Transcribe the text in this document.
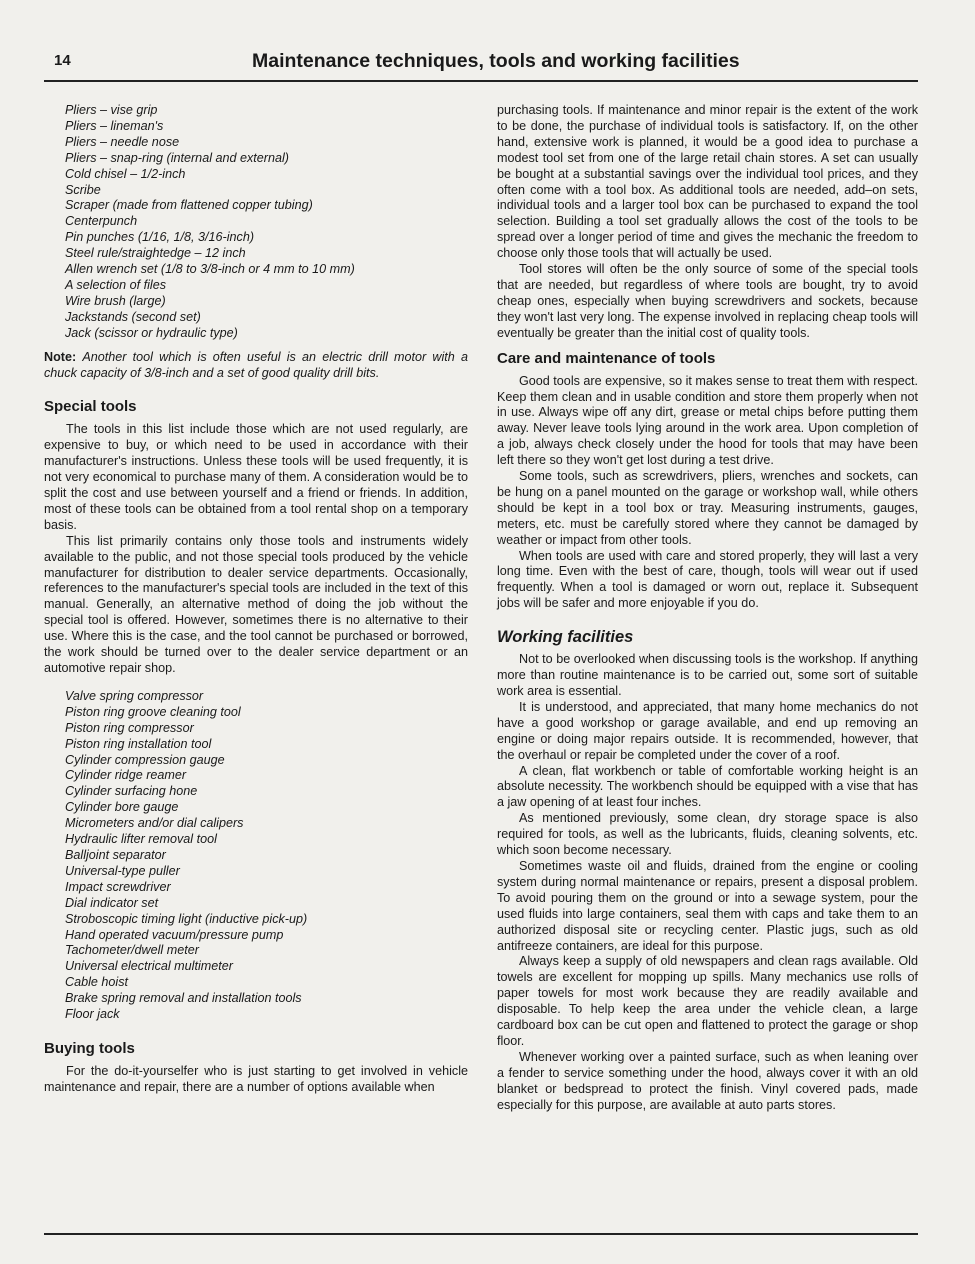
14	Maintenance techniques, tools and working facilities
Pliers – vise grip
Pliers – lineman's
Pliers – needle nose
Pliers – snap-ring (internal and external)
Cold chisel – 1/2-inch
Scribe
Scraper (made from flattened copper tubing)
Centerpunch
Pin punches (1/16, 1/8, 3/16-inch)
Steel rule/straightedge – 12 inch
Allen wrench set (1/8 to 3/8-inch or 4 mm to 10 mm)
A selection of files
Wire brush (large)
Jackstands (second set)
Jack (scissor or hydraulic type)

Note: Another tool which is often useful is an electric drill motor with a chuck capacity of 3/8-inch and a set of good quality drill bits.

Special tools

The tools in this list include those which are not used regularly, are expensive to buy, or which need to be used in accordance with their manufacturer's instructions. Unless these tools will be used frequently, it is not very economical to purchase many of them. A consideration would be to split the cost and use between yourself and a friend or friends. In addition, most of these tools can be obtained from a tool rental shop on a temporary basis.

This list primarily contains only those tools and instruments widely available to the public, and not those special tools produced by the vehicle manufacturer for distribution to dealer service departments. Occasionally, references to the manufacturer's special tools are included in the text of this manual. Generally, an alternative method of doing the job without the special tool is offered. However, sometimes there is no alternative to their use. Where this is the case, and the tool cannot be purchased or borrowed, the work should be turned over to the dealer service department or an automotive repair shop.

Valve spring compressor
Piston ring groove cleaning tool
Piston ring compressor
Piston ring installation tool
Cylinder compression gauge
Cylinder ridge reamer
Cylinder surfacing hone
Cylinder bore gauge
Micrometers and/or dial calipers
Hydraulic lifter removal tool
Balljoint separator
Universal-type puller
Impact screwdriver
Dial indicator set
Stroboscopic timing light (inductive pick-up)
Hand operated vacuum/pressure pump
Tachometer/dwell meter
Universal electrical multimeter
Cable hoist
Brake spring removal and installation tools
Floor jack
Buying tools

For the do-it-yourselfer who is just starting to get involved in vehicle maintenance and repair, there are a number of options available when

purchasing tools. If maintenance and minor repair is the extent of the work to be done, the purchase of individual tools is satisfactory. If, on the other hand, extensive work is planned, it would be a good idea to purchase a modest tool set from one of the large retail chain stores. A set can usually be bought at a substantial savings over the individual tool prices, and they often come with a tool box. As additional tools are needed, add–on sets, individual tools and a larger tool box can be purchased to expand the tool selection. Building a tool set gradually allows the cost of the tools to be spread over a longer period of time and gives the mechanic the freedom to choose only those tools that will actually be used.

Tool stores will often be the only source of some of the special tools that are needed, but regardless of where tools are bought, try to avoid cheap ones, especially when buying screwdrivers and sockets, because they won't last very long. The expense involved in replacing cheap tools will eventually be greater than the initial cost of quality tools.

Care and maintenance of tools

Good tools are expensive, so it makes sense to treat them with respect. Keep them clean and in usable condition and store them properly when not in use. Always wipe off any dirt, grease or metal chips before putting them away. Never leave tools lying around in the work area. Upon completion of a job, always check closely under the hood for tools that may have been left there so they won't get lost during a test drive.

Some tools, such as screwdrivers, pliers, wrenches and sockets, can be hung on a panel mounted on the garage or workshop wall, while others should be kept in a tool box or tray. Measuring instruments, gauges, meters, etc. must be carefully stored where they cannot be damaged by weather or impact from other tools.

When tools are used with care and stored properly, they will last a very long time. Even with the best of care, though, tools will wear out if used frequently. When a tool is damaged or worn out, replace it. Subsequent jobs will be safer and more enjoyable if you do.

Working facilities

Not to be overlooked when discussing tools is the workshop. If anything more than routine maintenance is to be carried out, some sort of suitable work area is essential.

It is understood, and appreciated, that many home mechanics do not have a good workshop or garage available, and end up removing an engine or doing major repairs outside. It is recommended, however, that the overhaul or repair be completed under the cover of a roof.

A clean, flat workbench or table of comfortable working height is an absolute necessity. The workbench should be equipped with a vise that has a jaw opening of at least four inches.

As mentioned previously, some clean, dry storage space is also required for tools, as well as the lubricants, fluids, cleaning solvents, etc. which soon become necessary.

Sometimes waste oil and fluids, drained from the engine or cooling system during normal maintenance or repairs, present a disposal problem. To avoid pouring them on the ground or into a sewage system, pour the used fluids into large containers, seal them with caps and take them to an authorized disposal site or recycling center. Plastic jugs, such as old antifreeze containers, are ideal for this purpose.

Always keep a supply of old newspapers and clean rags available. Old towels are excellent for mopping up spills. Many mechanics use rolls of paper towels for most work because they are readily available and disposable. To help keep the area under the vehicle clean, a large cardboard box can be cut open and flattened to protect the garage or shop floor.

Whenever working over a painted surface, such as when leaning over a fender to service something under the hood, always cover it with an old blanket or bedspread to protect the finish. Vinyl covered pads, made especially for this purpose, are available at auto parts stores.
